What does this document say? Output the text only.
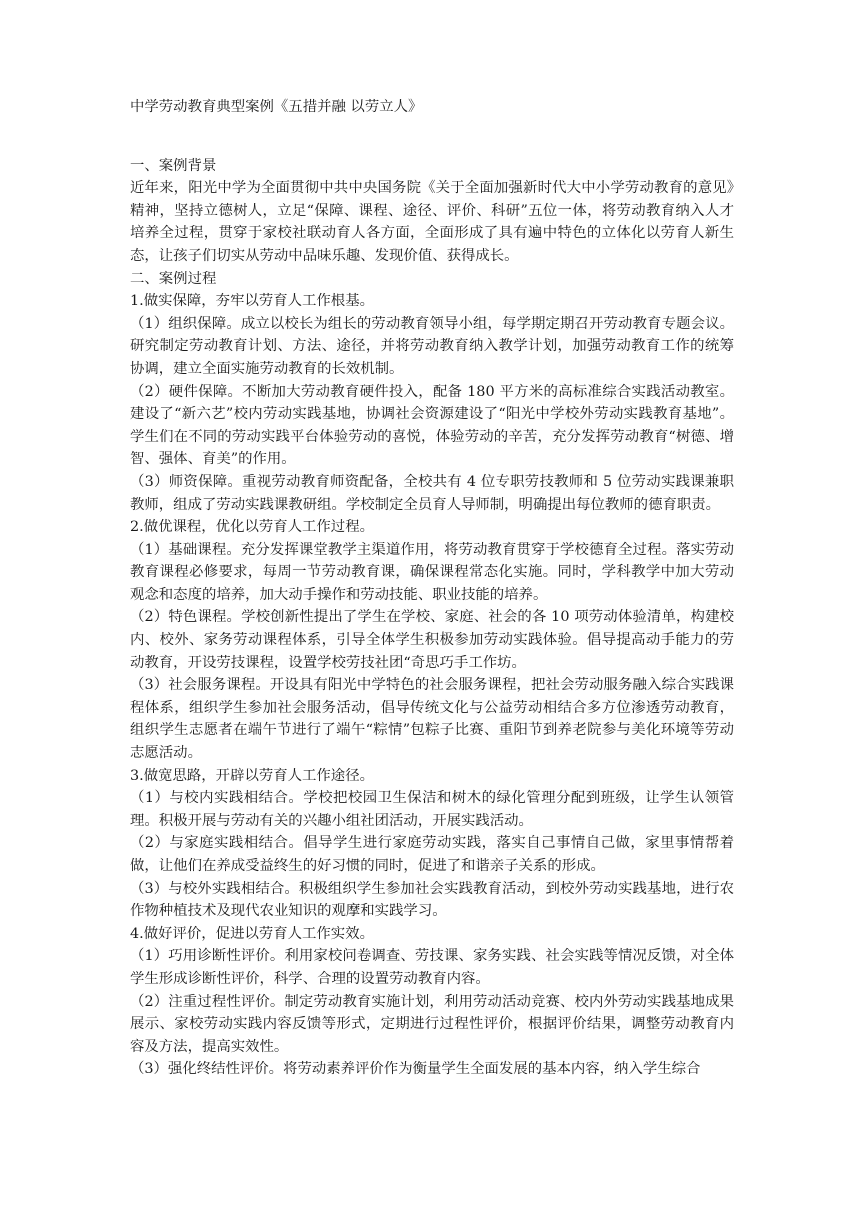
中学劳动教育典型案例《五措并融 以劳立人》

一、案例背景

近年来，阳光中学为全面贯彻中共中央国务院《关于全面加强新时代大中小学劳动教育的意见》精神，坚持立德树人，立足“保障、课程、途径、评价、科研”五位一体，将劳动教育纳入人才培养全过程，贯穿于家校社联动育人各方面，全面形成了具有遍中特色的立体化以劳育人新生态，让孩子们切实从劳动中品味乐趣、发现价值、获得成长。

二、案例过程

1.做实保障，夯牢以劳育人工作根基。

（1）组织保障。成立以校长为组长的劳动教育领导小组，每学期定期召开劳动教育专题会议。研究制定劳动教育计划、方法、途径，并将劳动教育纳入教学计划，加强劳动教育工作的统筹协调，建立全面实施劳动教育的长效机制。

（2）硬件保障。不断加大劳动教育硬件投入，配备 180 平方米的高标准综合实践活动教室。建设了“新六艺”校内劳动实践基地，协调社会资源建设了“阳光中学校外劳动实践教育基地”。学生们在不同的劳动实践平台体验劳动的喜悦，体验劳动的辛苦，充分发挥劳动教育“树德、增智、强体、育美”的作用。

（3）师资保障。重视劳动教育师资配备，全校共有 4 位专职劳技教师和 5 位劳动实践课兼职教师，组成了劳动实践课教研组。学校制定全员育人导师制，明确提出每位教师的德育职责。

2.做优课程，优化以劳育人工作过程。

（1）基础课程。充分发挥课堂教学主渠道作用，将劳动教育贯穿于学校德育全过程。落实劳动教育课程必修要求，每周一节劳动教育课，确保课程常态化实施。同时，学科教学中加大劳动观念和态度的培养，加大动手操作和劳动技能、职业技能的培养。

（2）特色课程。学校创新性提出了学生在学校、家庭、社会的各 10 项劳动体验清单，构建校内、校外、家务劳动课程体系，引导全体学生积极参加劳动实践体验。倡导提高动手能力的劳动教育，开设劳技课程，设置学校劳技社团“奇思巧手工作坊。

（3）社会服务课程。开设具有阳光中学特色的社会服务课程，把社会劳动服务融入综合实践课程体系，组织学生参加社会服务活动，倡导传统文化与公益劳动相结合多方位渗透劳动教育，组织学生志愿者在端午节进行了端午“粽情”包粽子比赛、重阳节到养老院参与美化环境等劳动志愿活动。

3.做宽思路，开辟以劳育人工作途径。

（1）与校内实践相结合。学校把校园卫生保洁和树木的绿化管理分配到班级，让学生认领管理。积极开展与劳动有关的兴趣小组社团活动，开展实践活动。

（2）与家庭实践相结合。倡导学生进行家庭劳动实践，落实自己事情自己做，家里事情帮着做，让他们在养成受益终生的好习惯的同时，促进了和谐亲子关系的形成。

（3）与校外实践相结合。积极组织学生参加社会实践教育活动，到校外劳动实践基地，进行农作物种植技术及现代农业知识的观摩和实践学习。

4.做好评价，促进以劳育人工作实效。

（1）巧用诊断性评价。利用家校问卷调查、劳技课、家务实践、社会实践等情况反馈，对全体学生形成诊断性评价，科学、合理的设置劳动教育内容。

（2）注重过程性评价。制定劳动教育实施计划，利用劳动活动竞赛、校内外劳动实践基地成果展示、家校劳动实践内容反馈等形式，定期进行过程性评价，根据评价结果，调整劳动教育内容及方法，提高实效性。

（3）强化终结性评价。将劳动素养评价作为衡量学生全面发展的基本内容，纳入学生综合
